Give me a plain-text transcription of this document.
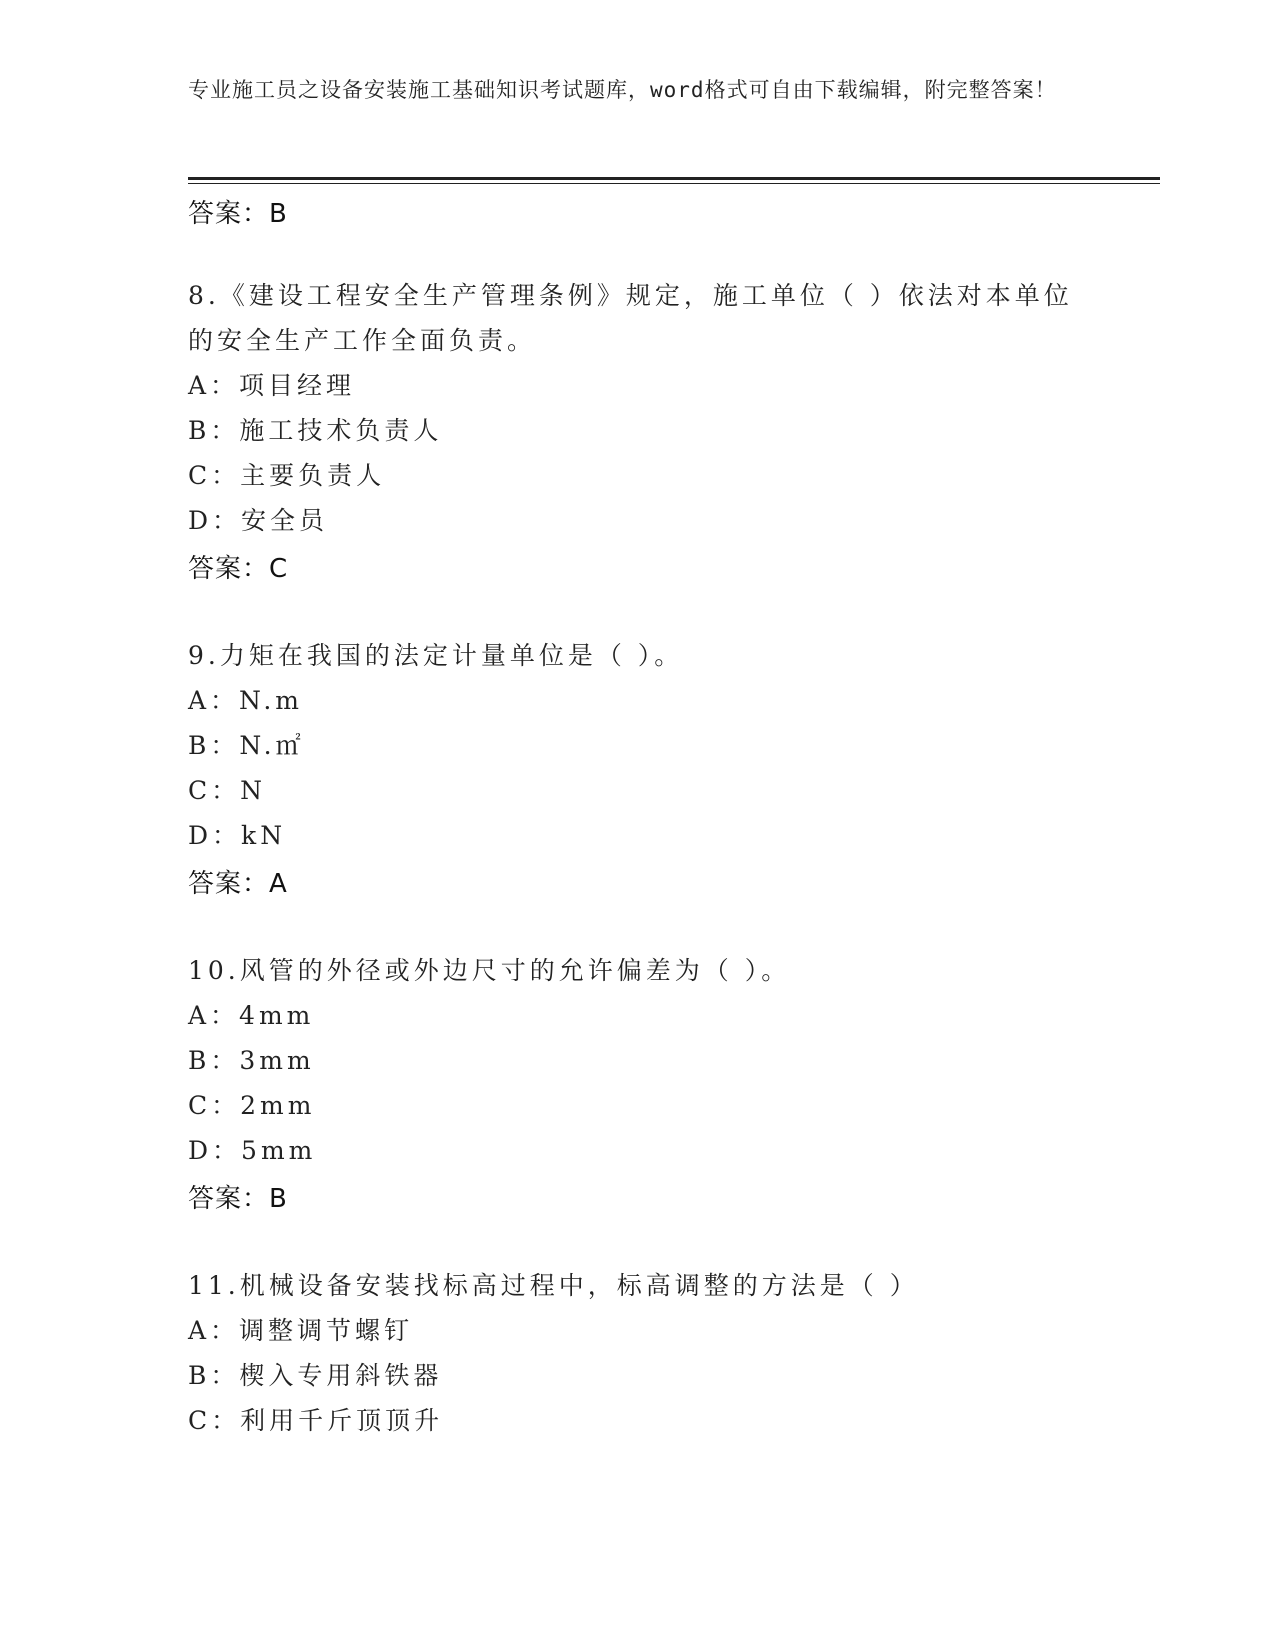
专业施工员之设备安装施工基础知识考试题库，word格式可自由下载编辑，附完整答案！
答案：B
8.《建设工程安全生产管理条例》规定，施工单位（ ）依法对本单位
的安全生产工作全面负责。
A：项目经理
B：施工技术负责人
C：主要负责人
D：安全员
答案：C
9.力矩在我国的法定计量单位是（ ）。
A：N.m
B：N.㎡
C：N
D：kN
答案：A
10.风管的外径或外边尺寸的允许偏差为（ ）。
A：4mm
B：3mm
C：2mm
D：5mm
答案：B
11.机械设备安装找标高过程中，标高调整的方法是（ ）
A：调整调节螺钉
B：楔入专用斜铁器
C：利用千斤顶顶升
